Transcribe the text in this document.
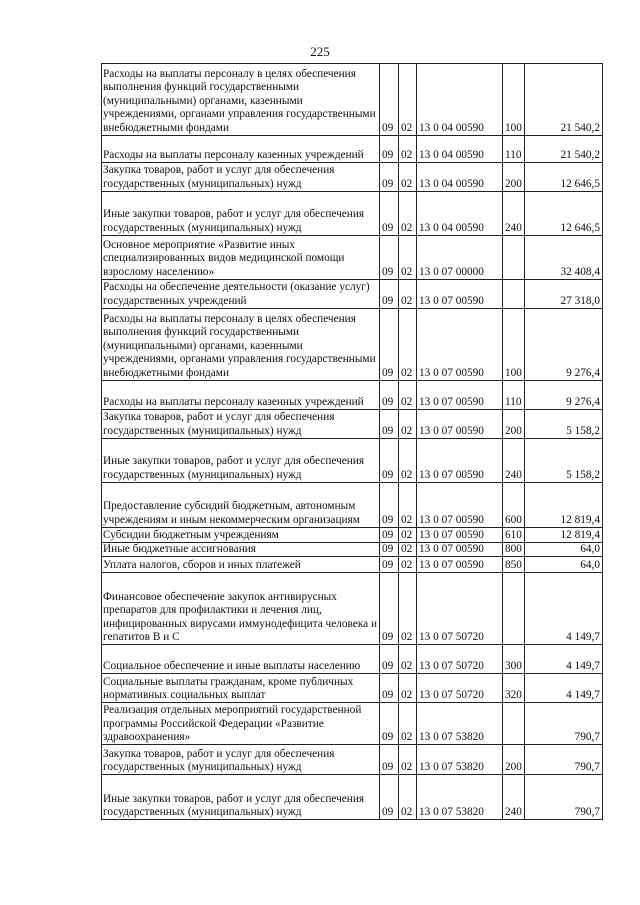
225
Расходы на выплаты персоналу в целях обеспечения выполнения функций государственными (муниципальными) органами, казенными учреждениями, органами управления государственными внебюджетными фондами	09	02	13 0 04 00590	100	21 540,2
Расходы на выплаты персоналу казенных учреждений	09	02	13 0 04 00590	110	21 540,2
Закупка товаров, работ и услуг для обеспечения государственных (муниципальных) нужд	09	02	13 0 04 00590	200	12 646,5
Иные закупки товаров, работ и услуг для обеспечения государственных (муниципальных) нужд	09	02	13 0 04 00590	240	12 646,5
Основное мероприятие «Развитие иных специализированных видов медицинской помощи взрослому населению»	09	02	13 0 07 00000		32 408,4
Расходы на обеспечение деятельности (оказание услуг) государственных учреждений	09	02	13 0 07 00590		27 318,0
Расходы на выплаты персоналу в целях обеспечения выполнения функций государственными (муниципальными) органами, казенными учреждениями, органами управления государственными внебюджетными фондами	09	02	13 0 07 00590	100	9 276,4
Расходы на выплаты персоналу казенных учреждений	09	02	13 0 07 00590	110	9 276,4
Закупка товаров, работ и услуг для обеспечения государственных (муниципальных) нужд	09	02	13 0 07 00590	200	5 158,2
Иные закупки товаров, работ и услуг для обеспечения государственных (муниципальных) нужд	09	02	13 0 07 00590	240	5 158,2
Предоставление субсидий бюджетным, автономным учреждениям и иным некоммерческим организациям	09	02	13 0 07 00590	600	12 819,4
Субсидии бюджетным учреждениям	09	02	13 0 07 00590	610	12 819,4
Иные бюджетные ассигнования	09	02	13 0 07 00590	800	64,0
Уплата налогов, сборов и иных платежей	09	02	13 0 07 00590	850	64,0
Финансовое обеспечение закупок антивирусных препаратов для профилактики и лечения лиц, инфицированных вирусами иммунодефицита человека и гепатитов В и С	09	02	13 0 07 50720		4 149,7
Социальное обеспечение и иные выплаты населению	09	02	13 0 07 50720	300	4 149,7
Социальные выплаты гражданам, кроме публичных нормативных социальных выплат	09	02	13 0 07 50720	320	4 149,7
Реализация отдельных мероприятий государственной программы Российской Федерации «Развитие здравоохранения»	09	02	13 0 07 53820		790,7
Закупка товаров, работ и услуг для обеспечения государственных (муниципальных) нужд	09	02	13 0 07 53820	200	790,7
Иные закупки товаров, работ и услуг для обеспечения государственных (муниципальных) нужд	09	02	13 0 07 53820	240	790,7
